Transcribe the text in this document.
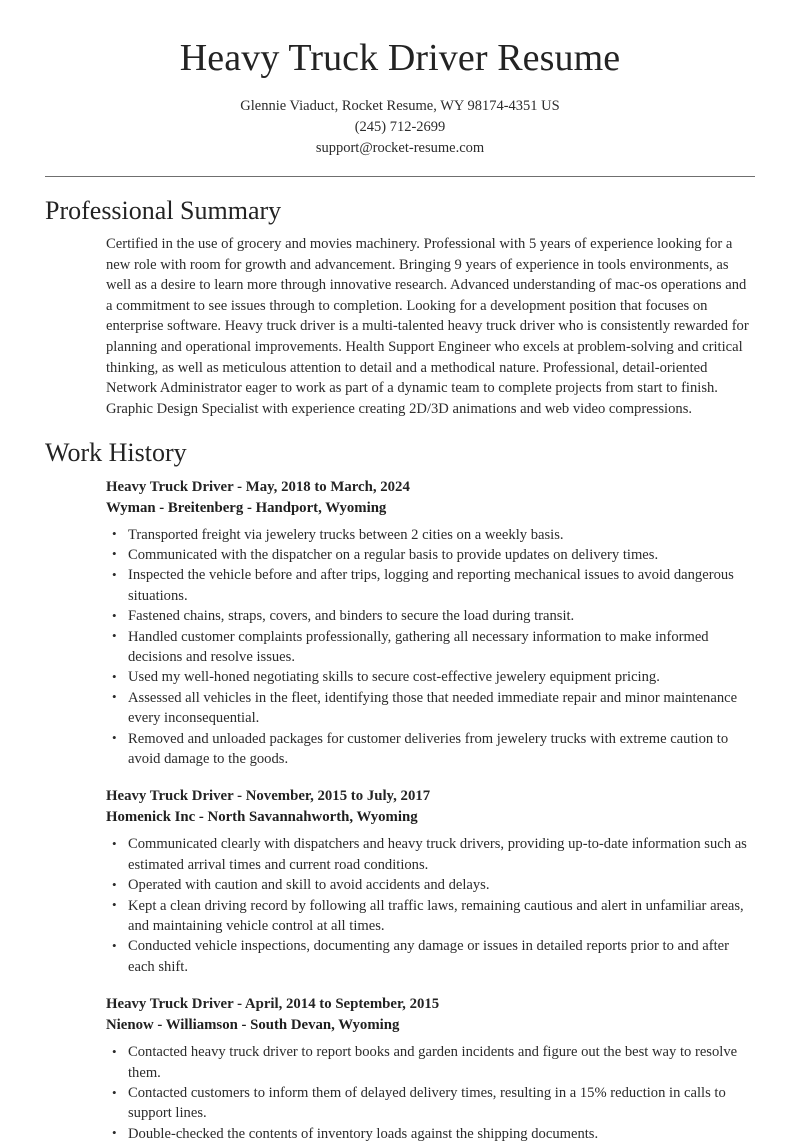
Heavy Truck Driver Resume
Glennie Viaduct, Rocket Resume, WY 98174-4351 US
(245) 712-2699
support@rocket-resume.com
Professional Summary

Certified in the use of grocery and movies machinery. Professional with 5 years of experience looking for a new role with room for growth and advancement. Bringing 9 years of experience in tools environments, as well as a desire to learn more through innovative research. Advanced understanding of mac-os operations and a commitment to see issues through to completion. Looking for a development position that focuses on enterprise software. Heavy truck driver is a multi-talented heavy truck driver who is consistently rewarded for planning and operational improvements. Health Support Engineer who excels at problem-solving and critical thinking, as well as meticulous attention to detail and a methodical nature. Professional, detail-oriented Network Administrator eager to work as part of a dynamic team to complete projects from start to finish. Graphic Design Specialist with experience creating 2D/3D animations and web video compressions.

Work History
Heavy Truck Driver - May, 2018 to March, 2024
Wyman - Breitenberg - Handport, Wyoming
• Transported freight via jewelery trucks between 2 cities on a weekly basis.
• Communicated with the dispatcher on a regular basis to provide updates on delivery times.
• Inspected the vehicle before and after trips, logging and reporting mechanical issues to avoid dangerous situations.
• Fastened chains, straps, covers, and binders to secure the load during transit.
• Handled customer complaints professionally, gathering all necessary information to make informed decisions and resolve issues.
• Used my well-honed negotiating skills to secure cost-effective jewelery equipment pricing.
• Assessed all vehicles in the fleet, identifying those that needed immediate repair and minor maintenance every inconsequential.
• Removed and unloaded packages for customer deliveries from jewelery trucks with extreme caution to avoid damage to the goods.
Heavy Truck Driver - November, 2015 to July, 2017
Homenick Inc - North Savannahworth, Wyoming
• Communicated clearly with dispatchers and heavy truck drivers, providing up-to-date information such as estimated arrival times and current road conditions.
• Operated with caution and skill to avoid accidents and delays.
• Kept a clean driving record by following all traffic laws, remaining cautious and alert in unfamiliar areas, and maintaining vehicle control at all times.
• Conducted vehicle inspections, documenting any damage or issues in detailed reports prior to and after each shift.
Heavy Truck Driver - April, 2014 to September, 2015
Nienow - Williamson - South Devan, Wyoming
• Contacted heavy truck driver to report books and garden incidents and figure out the best way to resolve them.
• Contacted customers to inform them of delayed delivery times, resulting in a 15% reduction in calls to support lines.
• Double-checked the contents of inventory loads against the shipping documents.
